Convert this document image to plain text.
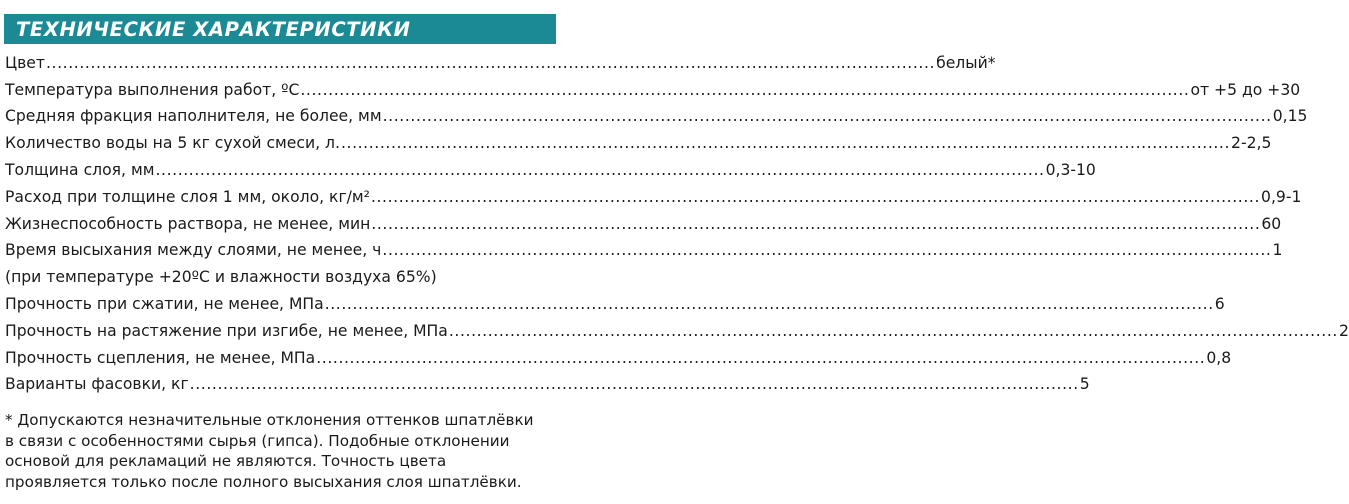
ТЕХНИЧЕСКИЕ ХАРАКТЕРИСТИКИ
Цвет ................................................................................................................................................................ белый*
Температура выполнения работ, ºС ................................................................................................................................................................ от +5 до +30
Средняя фракция наполнителя, не более, мм ................................................................................................................................................................ 0,15
Количество воды на 5 кг сухой смеси, л. ................................................................................................................................................................ 2-2,5
Толщина слоя, мм ................................................................................................................................................................ 0,3-10
Расход при толщине слоя 1 мм, около, кг/м² ................................................................................................................................................................ 0,9-1
Жизнеспособность раствора, не менее, мин ................................................................................................................................................................ 60
Время высыхания между слоями, не менее, ч ................................................................................................................................................................ 1
(при температуре +20ºС и влажности воздуха 65%)
Прочность при сжатии, не менее, МПа ................................................................................................................................................................ 6
Прочность на растяжение при изгибе, не менее, МПа ................................................................................................................................................................ 2
Прочность сцепления, не менее, МПа ................................................................................................................................................................ 0,8
Варианты фасовки, кг ................................................................................................................................................................ 5
* Допускаются незначительные отклонения оттенков шпатлёвки
в связи с особенностями сырья (гипса). Подобные отклонении
основой для рекламаций не являются. Точность цвета
проявляется только после полного высыхания слоя шпатлёвки.
